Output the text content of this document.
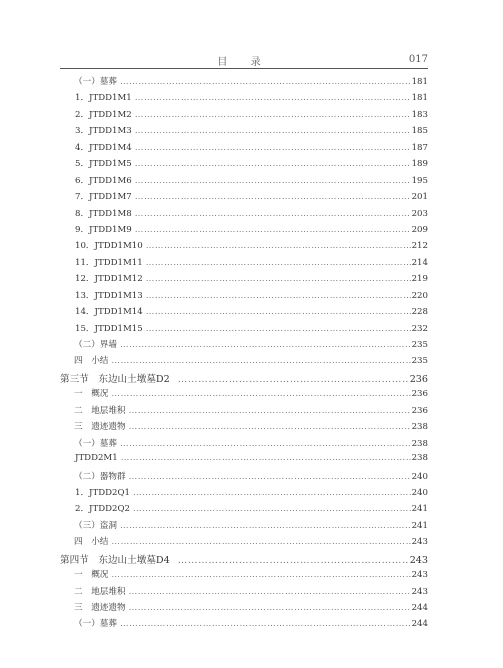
目 录	017
（一）墓葬 ………………………………………………………………………………………………………………………………………………………………………………	181
1．JTDD1M1 ………………………………………………………………………………………………………………………………………………………………………………	181
2．JTDD1M2 ………………………………………………………………………………………………………………………………………………………………………………	183
3．JTDD1M3 ………………………………………………………………………………………………………………………………………………………………………………	185
4．JTDD1M4 ………………………………………………………………………………………………………………………………………………………………………………	187
5．JTDD1M5 ………………………………………………………………………………………………………………………………………………………………………………	189
6．JTDD1M6 ………………………………………………………………………………………………………………………………………………………………………………	195
7．JTDD1M7 ………………………………………………………………………………………………………………………………………………………………………………	201
8．JTDD1M8 ………………………………………………………………………………………………………………………………………………………………………………	203
9．JTDD1M9 ………………………………………………………………………………………………………………………………………………………………………………	209
10．JTDD1M10 ………………………………………………………………………………………………………………………………………………………………………………	212
11．JTDD1M11 ………………………………………………………………………………………………………………………………………………………………………………	214
12．JTDD1M12 ………………………………………………………………………………………………………………………………………………………………………………	219
13．JTDD1M13 ………………………………………………………………………………………………………………………………………………………………………………	220
14．JTDD1M14 ………………………………………………………………………………………………………………………………………………………………………………	228
15．JTDD1M15 ………………………………………………………………………………………………………………………………………………………………………………	232
（二）界墙 ………………………………………………………………………………………………………………………………………………………………………………	235
四　小结 ………………………………………………………………………………………………………………………………………………………………………………	235
第三节　东边山土墩墓D2 ………………………………………………………………………………………………………………………………………………………………………………	236
一　概况 ………………………………………………………………………………………………………………………………………………………………………………	236
二　地层堆积 ………………………………………………………………………………………………………………………………………………………………………………	236
三　遗迹遗物 ………………………………………………………………………………………………………………………………………………………………………………	238
（一）墓葬 ………………………………………………………………………………………………………………………………………………………………………………	238
JTDD2M1 ………………………………………………………………………………………………………………………………………………………………………………	238
（二）器物群 ………………………………………………………………………………………………………………………………………………………………………………	240
1．JTDD2Q1 ………………………………………………………………………………………………………………………………………………………………………………	240
2．JTDD2Q2 ………………………………………………………………………………………………………………………………………………………………………………	241
（三）盗洞 ………………………………………………………………………………………………………………………………………………………………………………	241
四　小结 ………………………………………………………………………………………………………………………………………………………………………………	243
第四节　东边山土墩墓D4 ………………………………………………………………………………………………………………………………………………………………………………	243
一　概况 ………………………………………………………………………………………………………………………………………………………………………………	243
二　地层堆积 ………………………………………………………………………………………………………………………………………………………………………………	243
三　遗迹遗物 ………………………………………………………………………………………………………………………………………………………………………………	244
（一）墓葬 ………………………………………………………………………………………………………………………………………………………………………………	244
